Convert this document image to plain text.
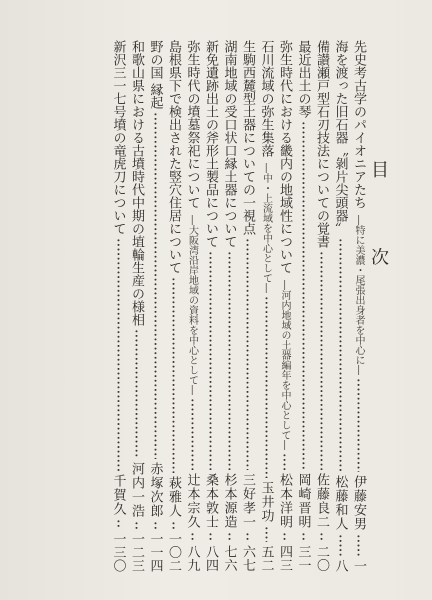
目 次
先史考古学のパイオニアたち
―特に美濃・尾張出身者を中心に―
伊藤安男
一
海を渡った旧石器〝剝片尖頭器〟
松藤和人
八
備讃瀬戸型石刃技法についての覚書
佐藤良二
二〇
最近出土の琴
岡崎晋明
三一
弥生時代における畿内の地域性について
―河内地域の土器編年を中心として―
松本洋明
四三
石川流域の弥生集落
―中・上流域を中心として―
玉井功
五二
生駒西麓型土器についての一視点
三好孝一
六七
湖南地域の受口状口縁土器について
杉本源造
七六
新免遺跡出土の斧形土製品について
桑本敦士
八四
弥生時代の墳墓祭祀について
―大阪湾沿岸地域の資料を中心として―
辻本宗久
八九
島根県下で検出された竪穴住居について
萩雅人
一〇二
野の国 縁起
赤塚次郎
一一四
和歌山県における古墳時代中期の埴輪生産の様相
河内一浩
一二三
新沢三一七号墳の竜虎刀について
千賀久
一三〇
